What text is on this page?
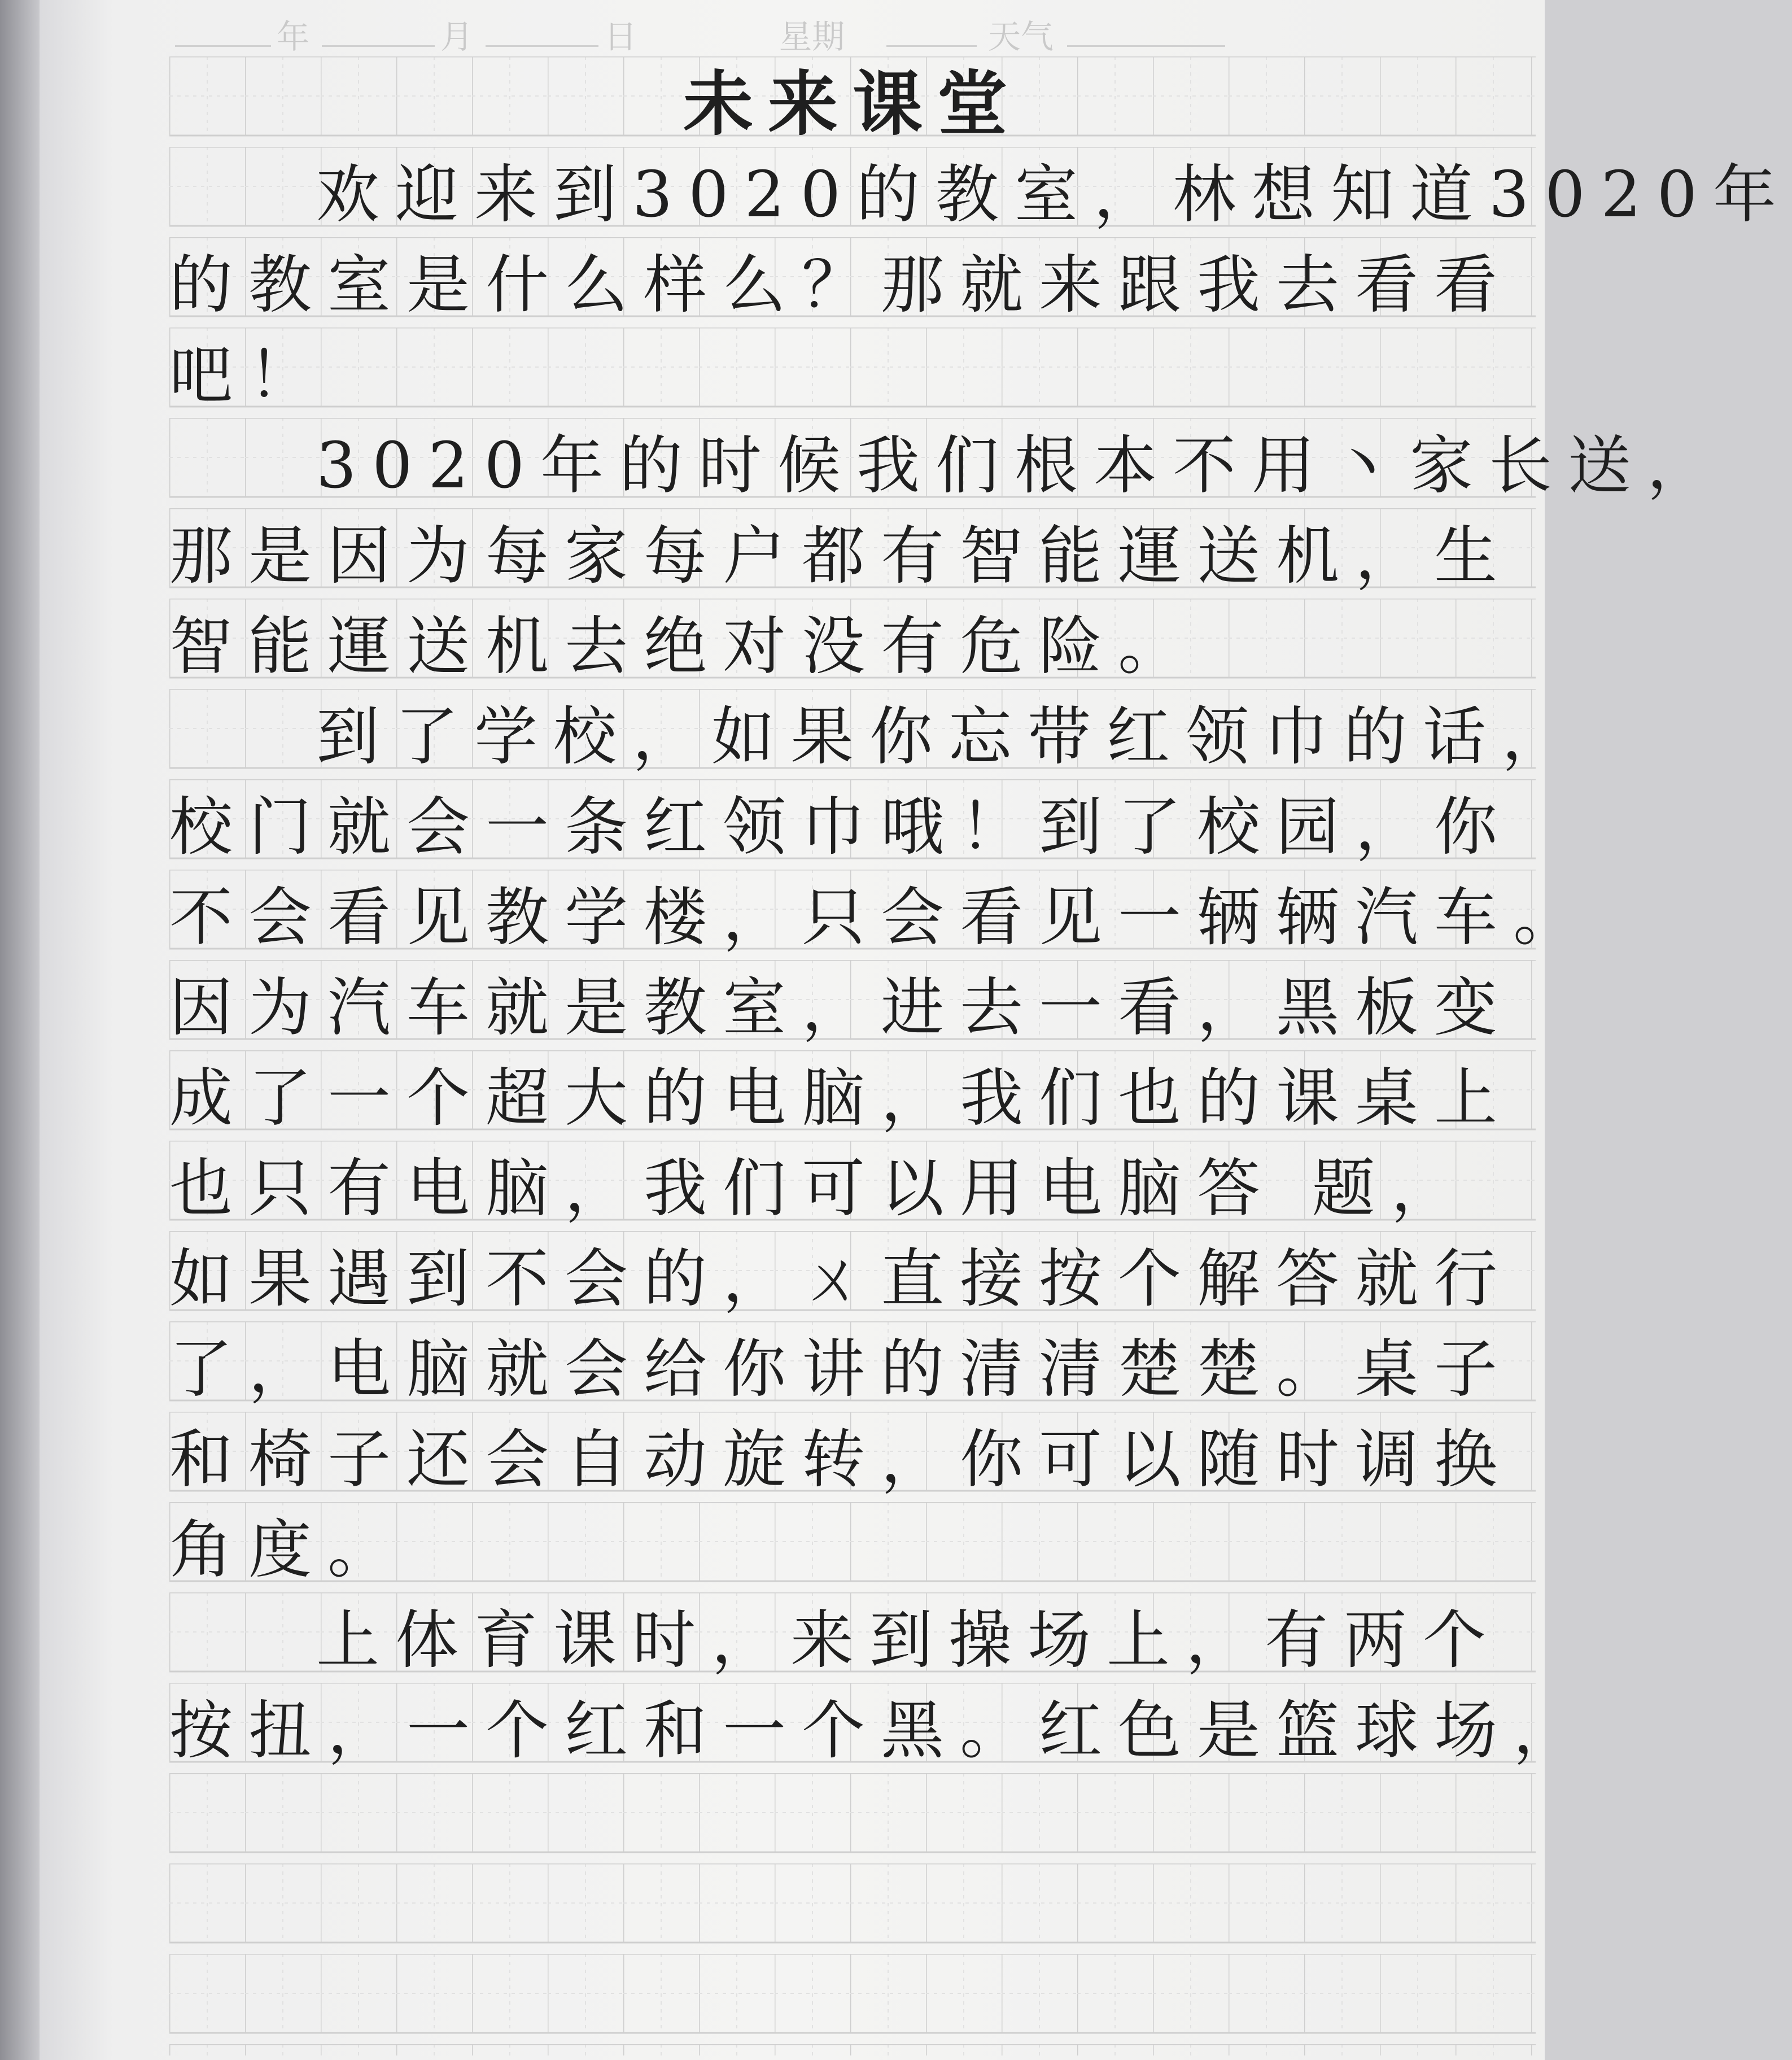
年	月	日	星期	天气
未来课堂
欢迎来到3020的教室，林想知道3020年
的教室是什么样么？那就来跟我去看看
吧！
3020年的时候我们根本不用丶家长送，
那是因为每家每户都有智能運送机，生
智能運送机去绝对没有危险。
到了学校，如果你忘带红领巾的话，
校门就会一条红领巾哦！到了校园，你
不会看见教学楼，只会看见一辆辆汽车。
因为汽车就是教室，进去一看，黑板变
成了一个超大的电脑，我们也的课桌上
也只有电脑，我们可以用电脑答 题，
如果遇到不会的，ㄨ直接按个解答就行
了，电脑就会给你讲的清清楚楚。桌子
和椅子还会自动旋转，你可以随时调换
角度。
上体育课时，来到操场上，有两个
按扭，一个红和一个黑。红色是篮球场，
